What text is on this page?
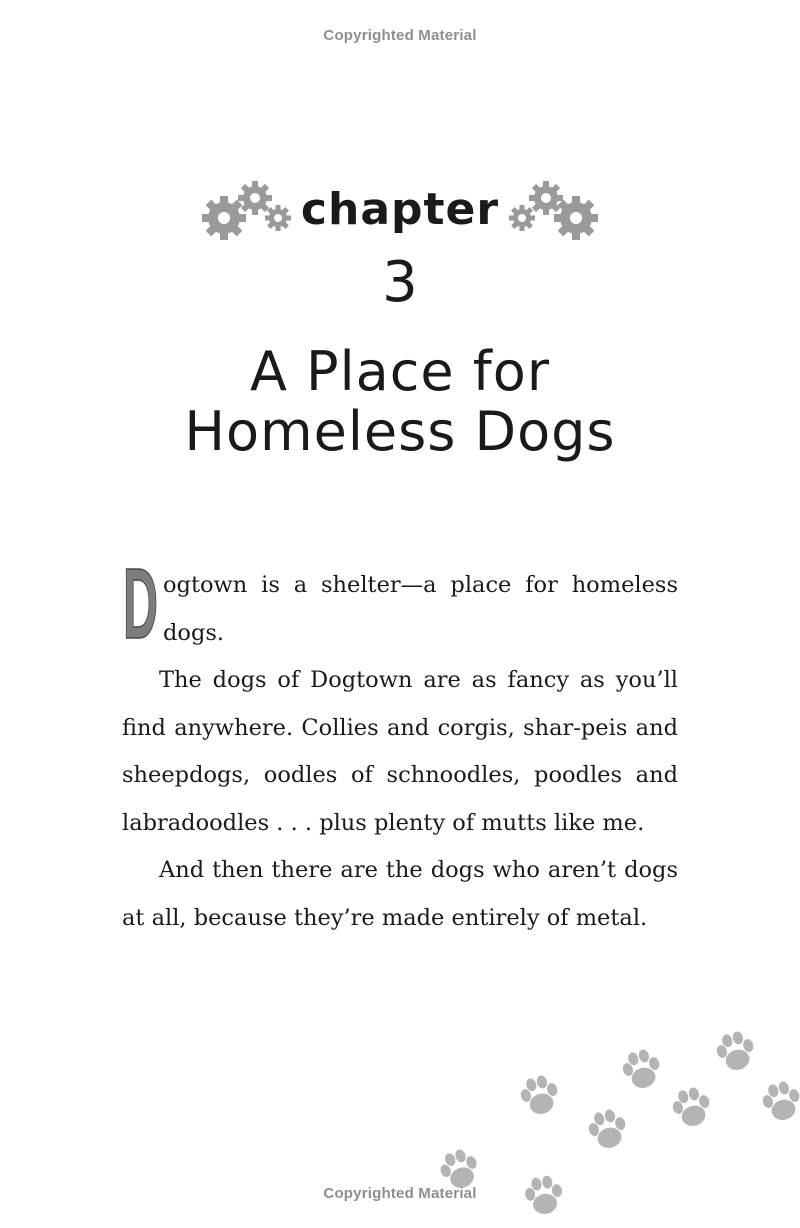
Copyrighted Material
chapter
3
A Place for
Homeless Dogs

D ogtown is a shelter—a place for homeless dogs.

The dogs of Dogtown are as fancy as you’ll find anywhere. Collies and corgis, shar-peis and sheepdogs, oodles of schnoodles, poodles and labradoodles . . . plus plenty of mutts like me.

And then there are the dogs who aren’t dogs at all, because they’re made entirely of metal.

Copyrighted Material
